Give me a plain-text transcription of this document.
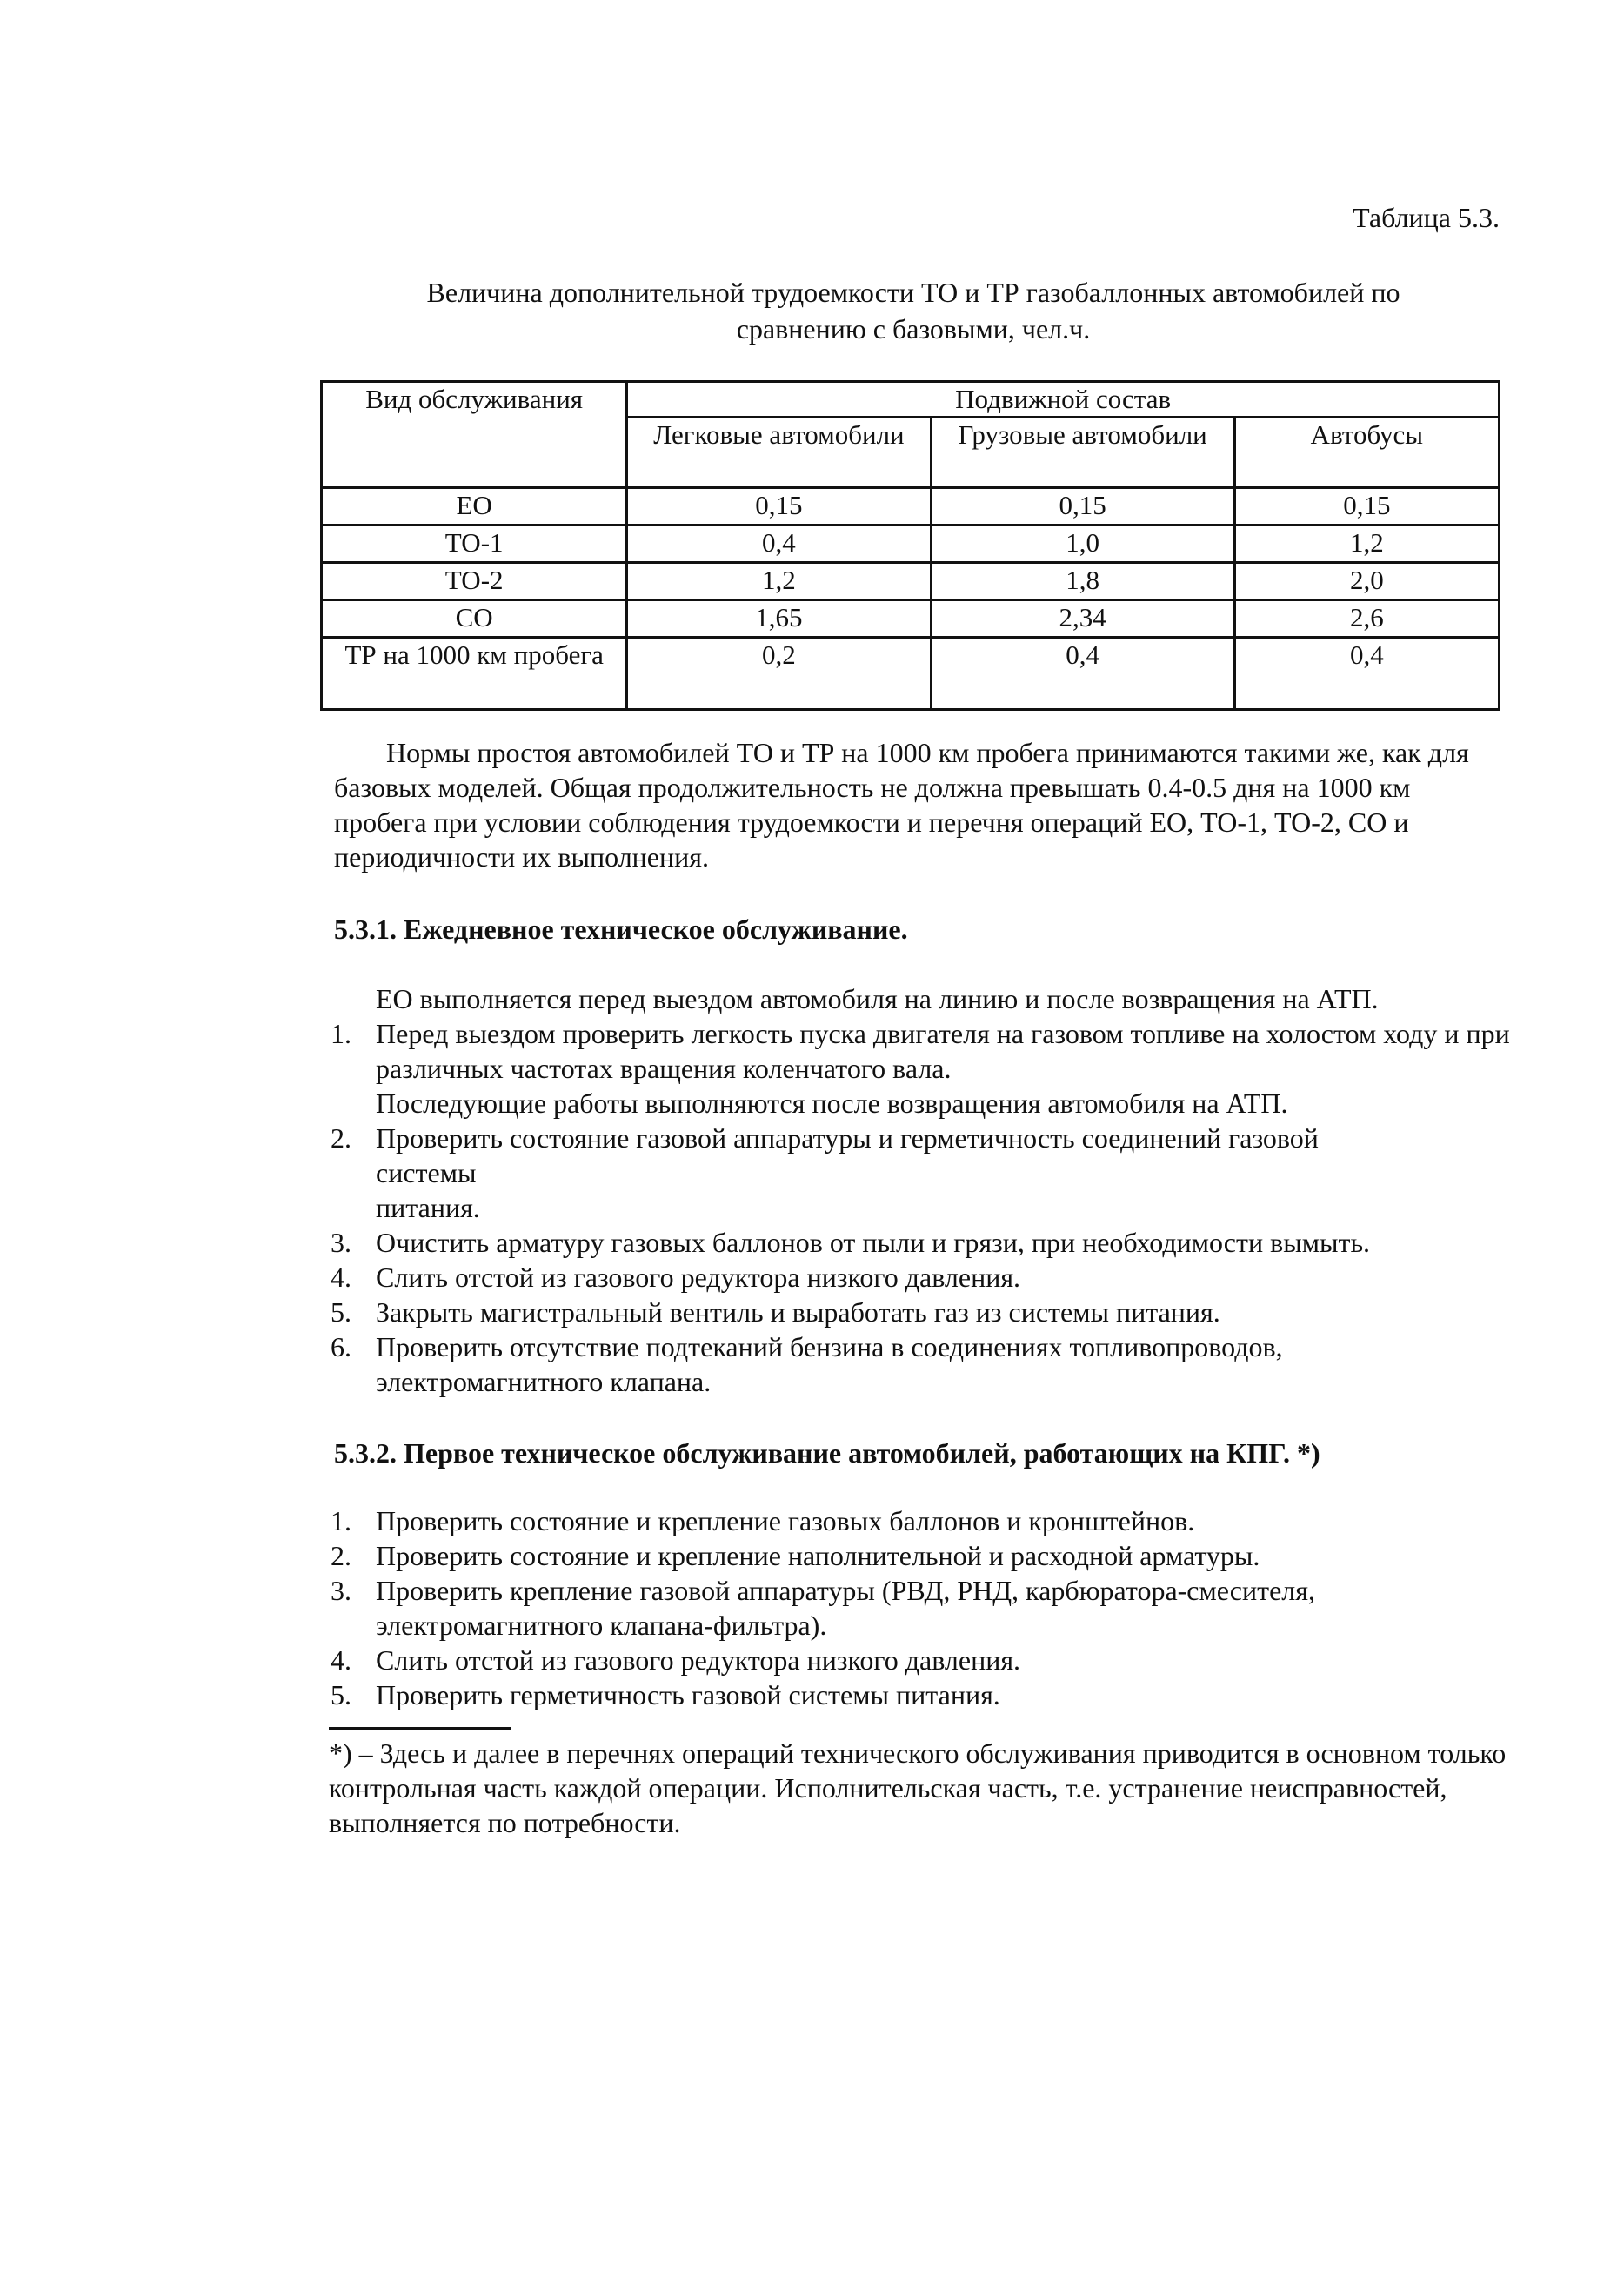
Таблица 5.3.
Величина дополнительной трудоемкости ТО и ТР газобаллонных автомобилей по
сравнению с базовыми, чел.ч.
Вид обслуживания	Подвижной состав		
	Легковые автомобили	Грузовые автомобили	Автобусы
ЕО	0,15	0,15	0,15
ТО-1	0,4	1,0	1,2
ТО-2	1,2	1,8	2,0
СО	1,65	2,34	2,6
ТР на 1000 км пробега	0,2	0,4	0,4
Нормы простоя автомобилей ТО и ТР на 1000 км пробега принимаются такими же, как для базовых моделей. Общая продолжительность не должна превышать 0.4-0.5 дня на 1000 км пробега при условии соблюдения трудоемкости и перечня операций ЕО, ТО-1, ТО-2, СО и периодичности их выполнения.
5.3.1. Ежедневное техническое обслуживание.
ЕО выполняется перед выездом автомобиля на линию и после возвращения на АТП.
1. Перед выездом проверить легкость пуска двигателя на газовом топливе на холостом ходу и при различных частотах вращения коленчатого вала.
Последующие работы выполняются после возвращения автомобиля на АТП.
2. Проверить состояние газовой аппаратуры и герметичность соединений газовой
системы
питания.
3. Очистить арматуру газовых баллонов от пыли и грязи, при необходимости вымыть.
4. Слить отстой из газового редуктора низкого давления.
5. Закрыть магистральный вентиль и выработать газ из системы питания.
6. Проверить отсутствие подтеканий бензина в соединениях топливопроводов, электромагнитного клапана.
5.3.2. Первое техническое обслуживание автомобилей, работающих на КПГ. *)
1. Проверить состояние и крепление газовых баллонов и кронштейнов.
2. Проверить состояние и крепление наполнительной и расходной арматуры.
3. Проверить крепление газовой аппаратуры (РВД, РНД, карбюратора-смесителя, электромагнитного клапана-фильтра).
4. Слить отстой из газового редуктора низкого давления.
5. Проверить герметичность газовой системы питания.
*) – Здесь и далее в перечнях операций технического обслуживания приводится в основном только контрольная часть каждой операции. Исполнительская часть, т.е. устранение неисправностей, выполняется по потребности.
